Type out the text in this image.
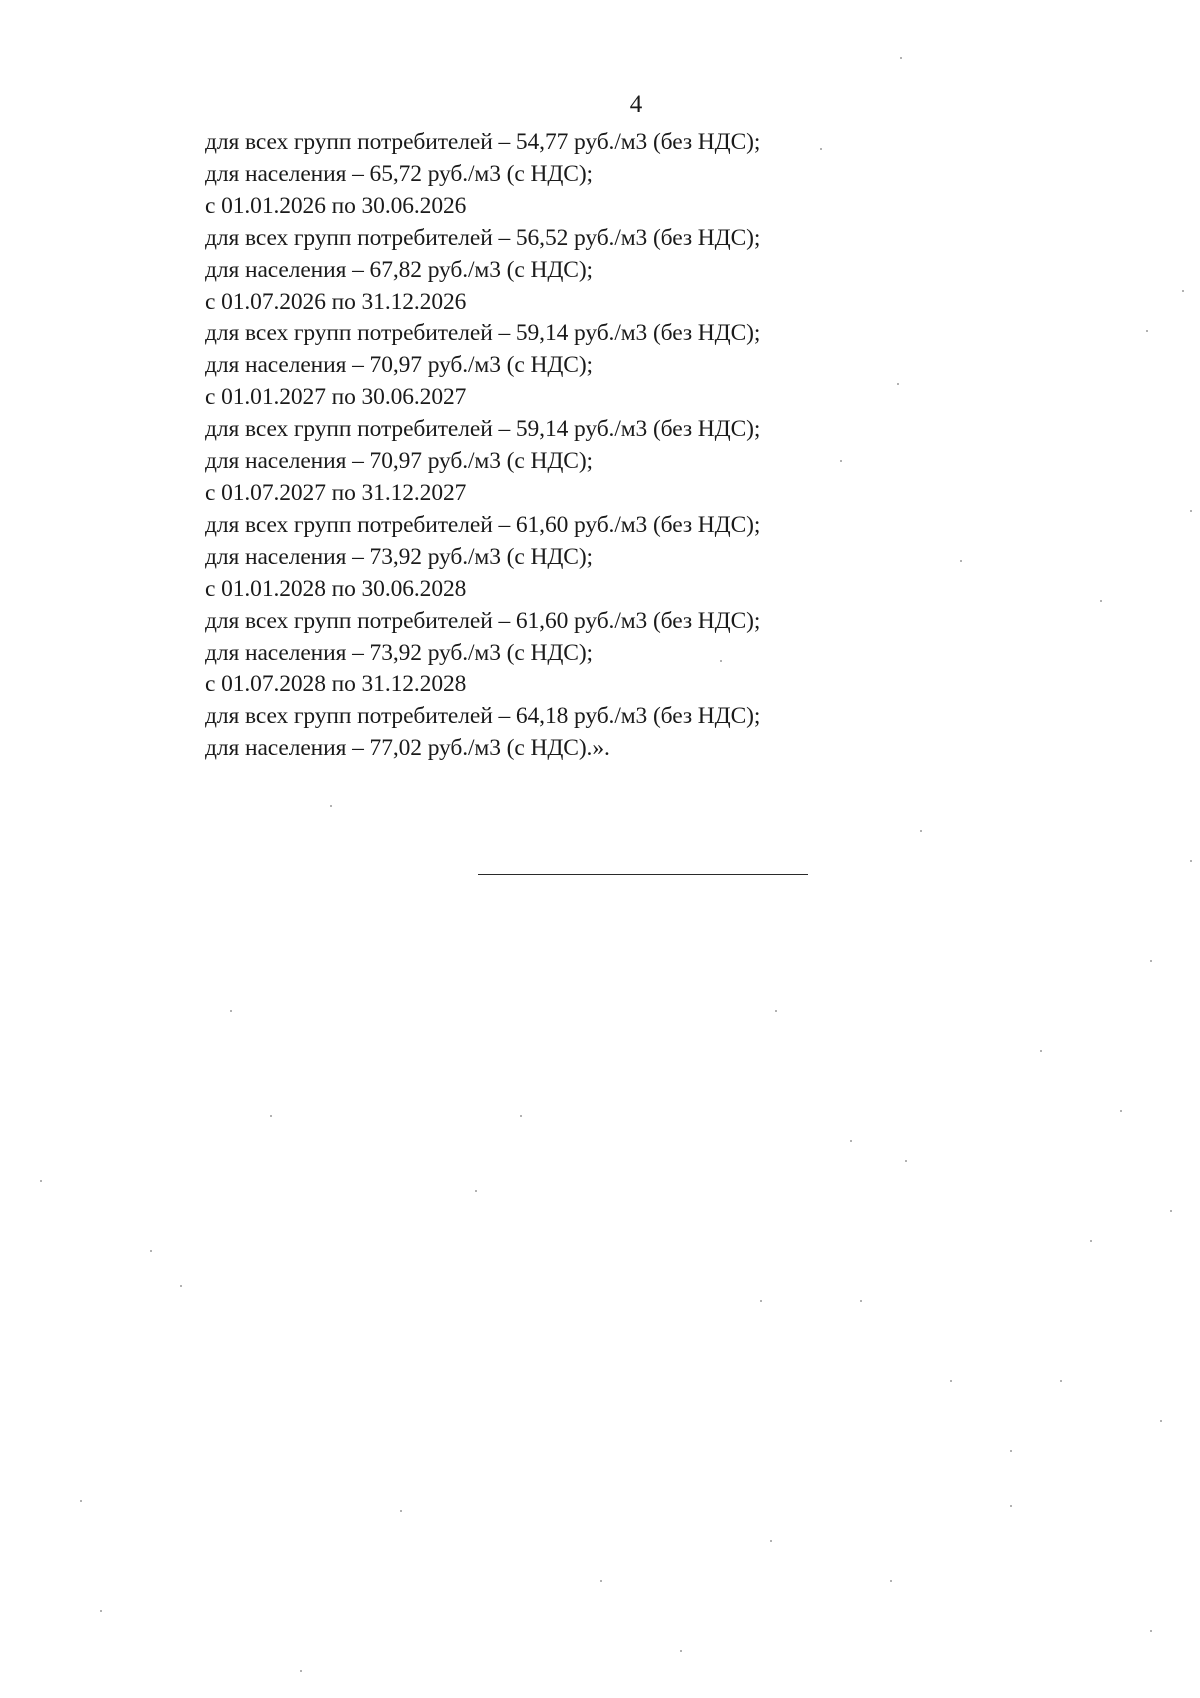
4
для всех групп потребителей – 54,77 руб./м3 (без НДС);
для населения – 65,72 руб./м3 (с НДС);
с 01.01.2026 по 30.06.2026
для всех групп потребителей – 56,52 руб./м3 (без НДС);
для населения – 67,82 руб./м3 (с НДС);
с 01.07.2026 по 31.12.2026
для всех групп потребителей – 59,14 руб./м3 (без НДС);
для населения – 70,97 руб./м3 (с НДС);
с 01.01.2027 по 30.06.2027
для всех групп потребителей – 59,14 руб./м3 (без НДС);
для населения – 70,97 руб./м3 (с НДС);
с 01.07.2027 по 31.12.2027
для всех групп потребителей – 61,60 руб./м3 (без НДС);
для населения – 73,92 руб./м3 (с НДС);
с 01.01.2028 по 30.06.2028
для всех групп потребителей – 61,60 руб./м3 (без НДС);
для населения – 73,92 руб./м3 (с НДС);
с 01.07.2028 по 31.12.2028
для всех групп потребителей – 64,18 руб./м3 (без НДС);
для населения – 77,02 руб./м3 (с НДС).».
